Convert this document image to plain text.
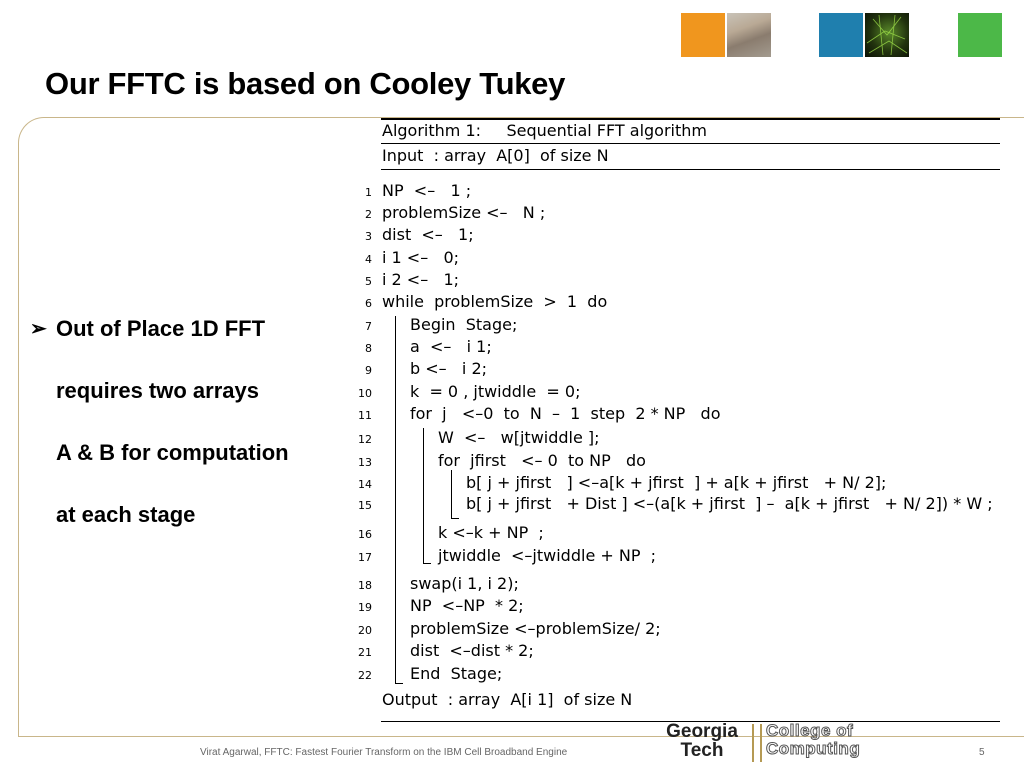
Our FFTC is based on Cooley Tukey
➢ Out of Place 1D FFT
requires two arrays
A & B for computation
at each stage
Algorithm 1:     Sequential FFT algorithm
Input  : array  A[0]  of size N
1 NP  <–   1 ;
2 problemSize <–   N ;
3 dist  <–   1;
4 i 1 <–   0;
5 i 2 <–   1;
6 while  problemSize  >  1  do
7 Begin  Stage;
8 a  <–   i 1;
9 b <–   i 2;
10 k  = 0 , jtwiddle  = 0;
11 for  j   <–0  to  N  –  1  step  2 * NP   do
12	W  <–   w[jtwiddle ];
13	for  jfirst   <– 0  to NP   do
14	b[ j + jfirst   ] <–a[k + jfirst  ] + a[k + jfirst   + N/ 2];
15	b[ j + jfirst   + Dist ] <–(a[k + jfirst  ] –  a[k + jfirst   + N/ 2]) * W ;
16	k <–k + NP  ;
17	jtwiddle  <–jtwiddle + NP  ;
18 swap(i 1, i 2);
19 NP  <–NP  * 2;
20 problemSize <–problemSize/ 2;
21 dist  <–dist * 2;
22 End  Stage;
Output  : array  A[i 1]  of size N
Virat Agarwal, FFTC: Fastest Fourier Transform on the IBM Cell Broadband Engine
Georgia
Tech
College of
Computing	5
